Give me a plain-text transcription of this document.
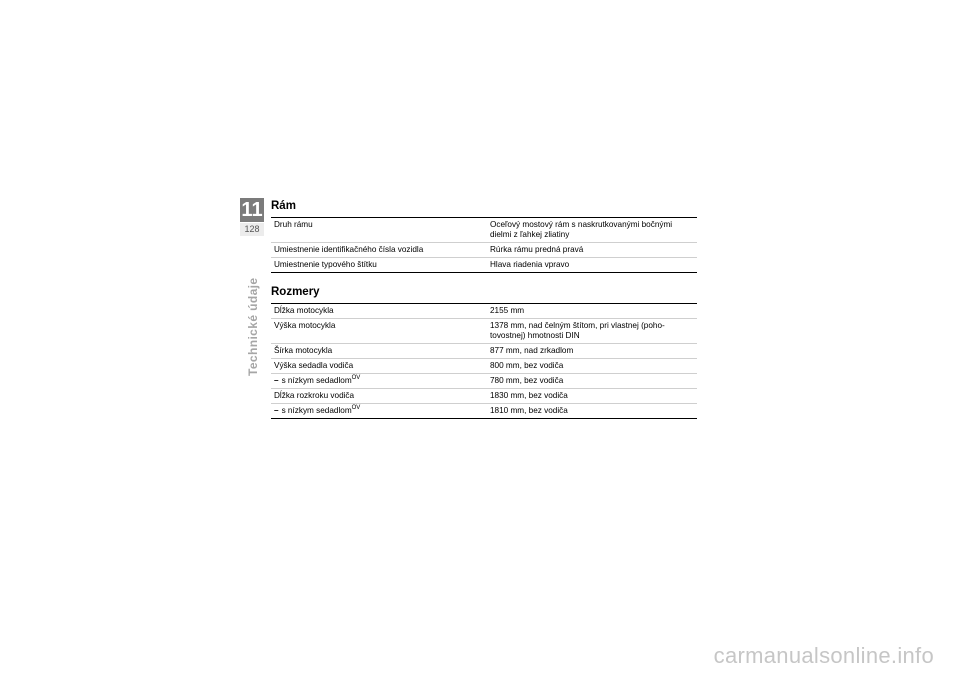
11
128
Technické údaje
Rám
Druh rámu	Oceľový mostový rám s naskrutkovanými bočnými dielmi z ľahkej zliatiny
Umiestnenie identifikačného čísla vozidla	Rúrka rámu predná pravá
Umiestnenie typového štítku	Hlava riadenia vpravo
Rozmery
Dĺžka motocykla	2155 mm
Výška motocykla	1378 mm, nad čelným štítom, pri vlastnej (poho-tovostnej) hmotnosti DIN
Šírka motocykla	877 mm, nad zrkadlom
Výška sedadla vodiča	800 mm, bez vodiča
– s nízkym sedadlom$^{OV}$	780 mm, bez vodiča
Dĺžka rozkroku vodiča	1830 mm, bez vodiča
– s nízkym sedadlom$^{OV}$	1810 mm, bez vodiča
carmanualsonline.info
